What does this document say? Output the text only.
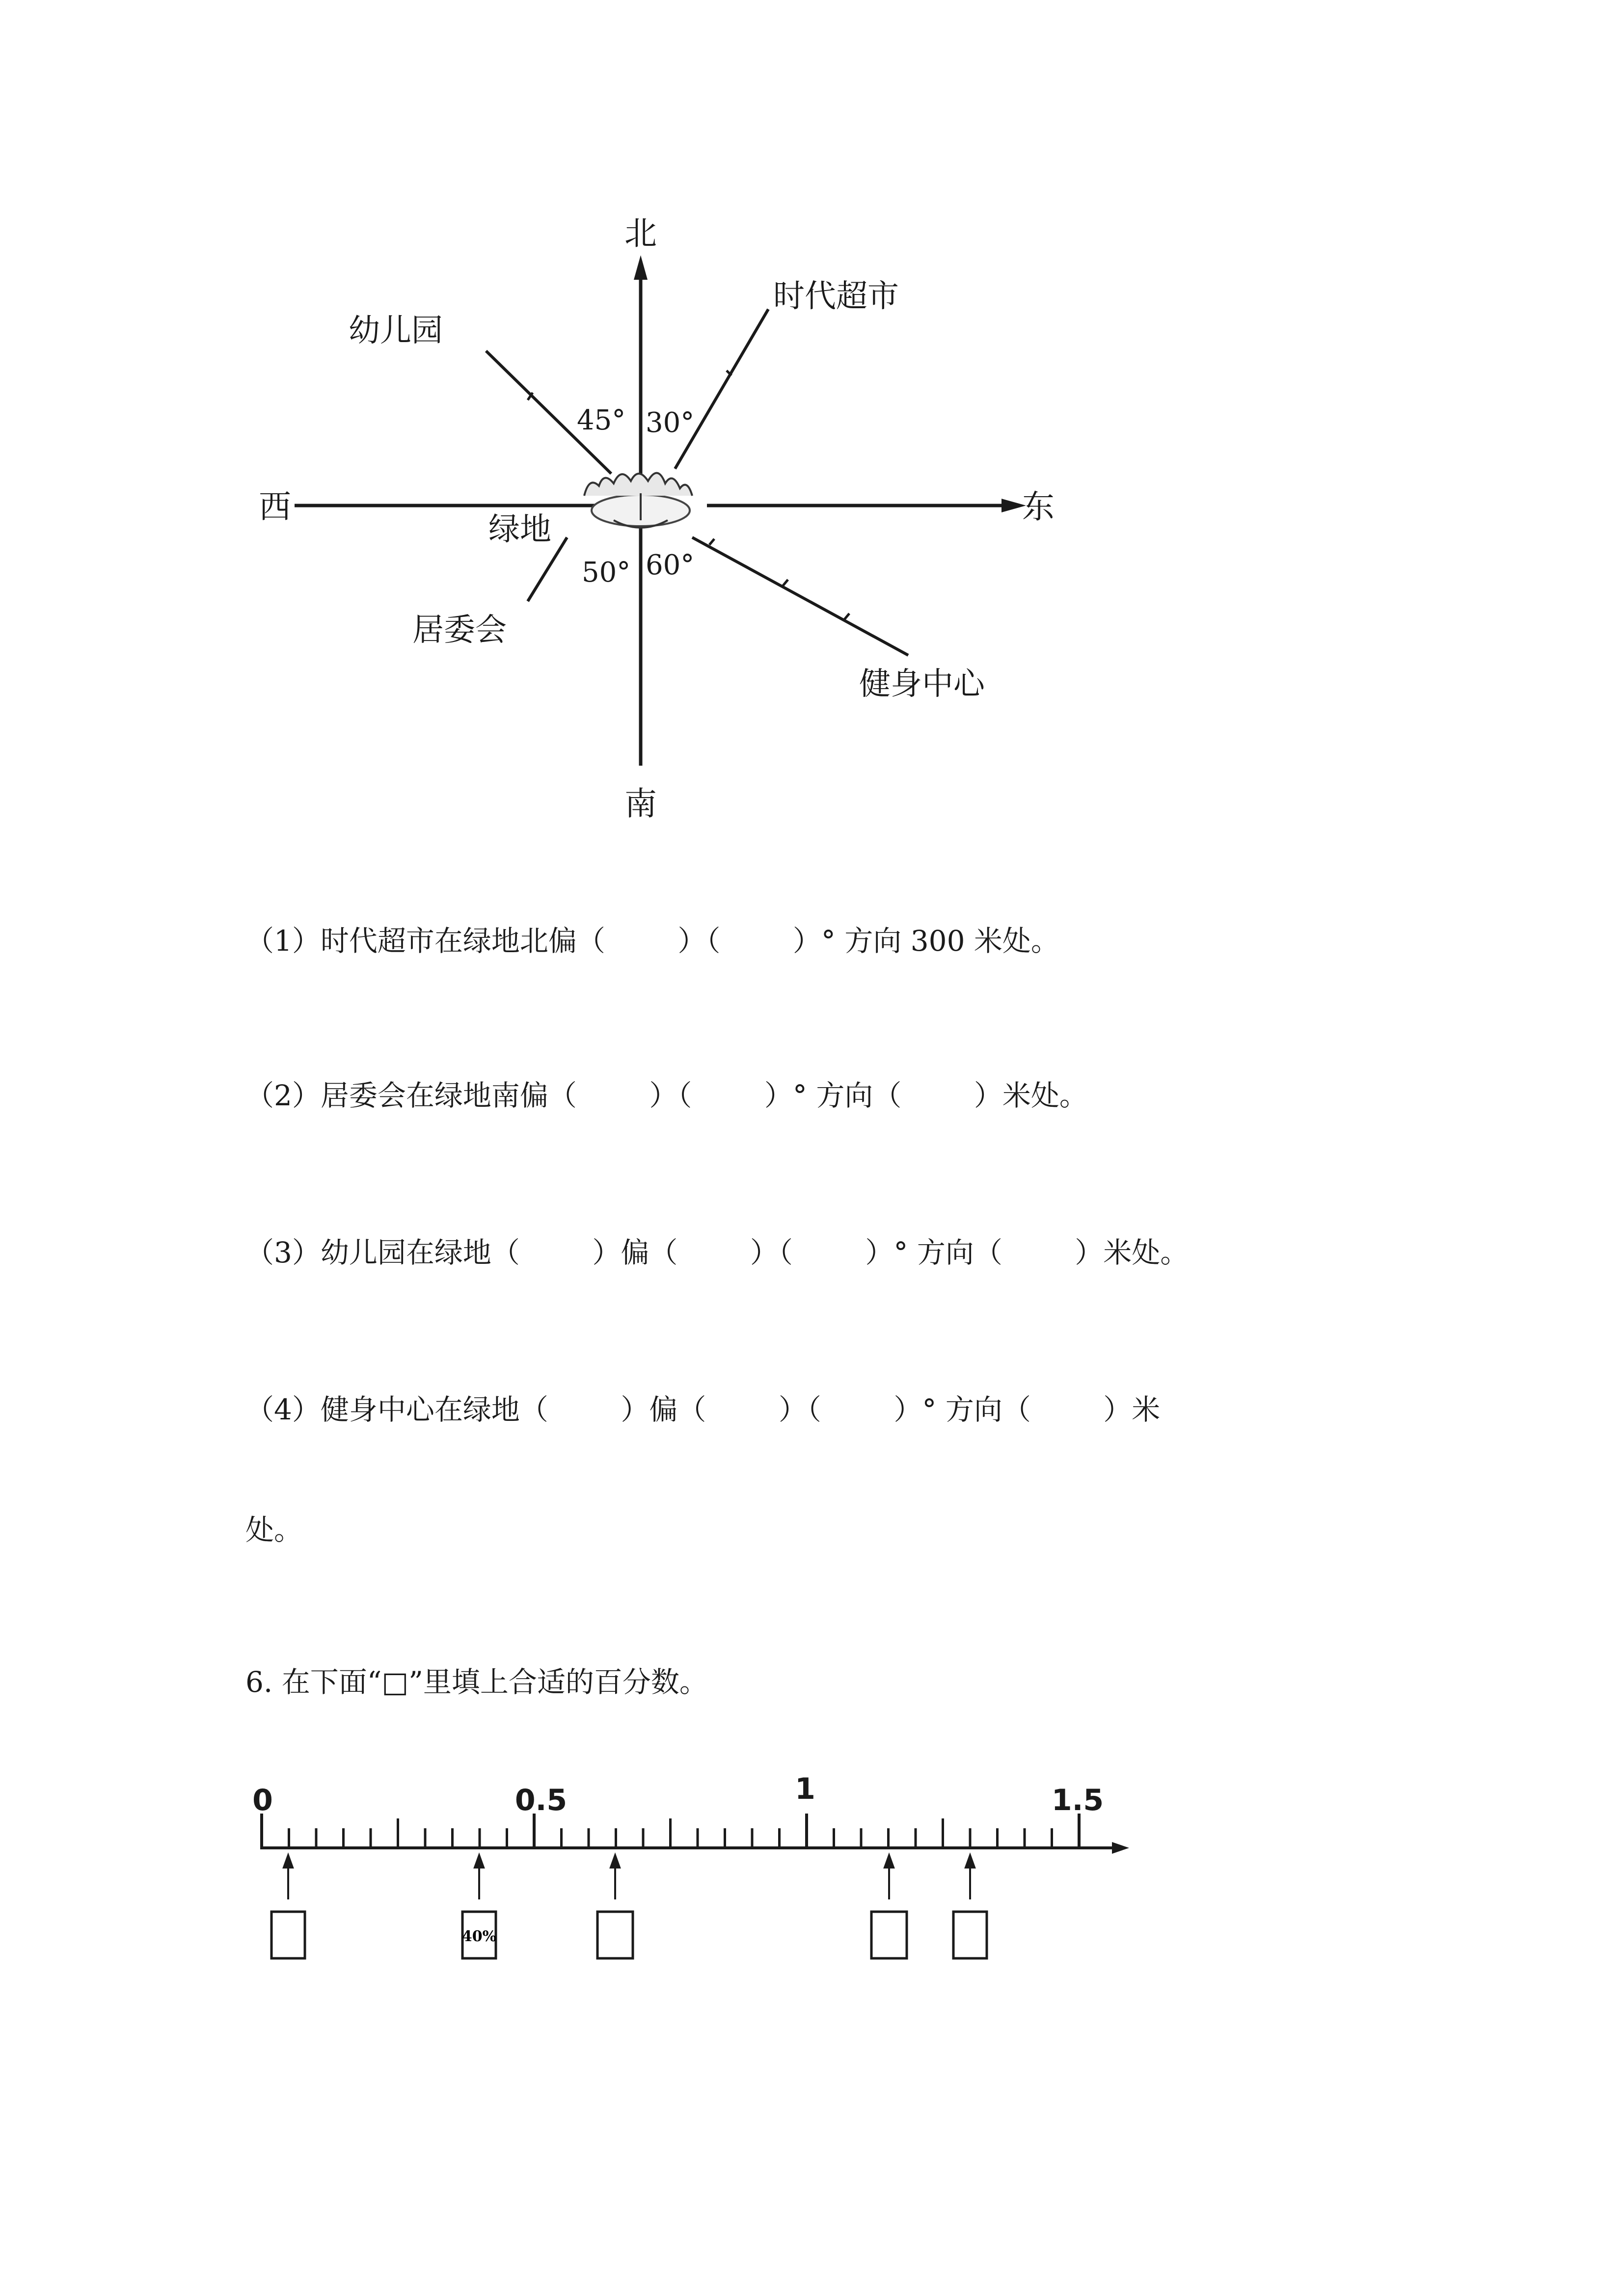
北
南
西	东
时代超市
幼儿园
居委会
健身中心
绿地
45° 30°
50° 60°
0	0.5	1	1.5
40%
（1）时代超市在绿地北偏（        ）（        ）° 方向 300 米处。
（2）居委会在绿地南偏（        ）（        ）° 方向（        ）米处。
（3）幼儿园在绿地（        ）偏（        ）（        ）° 方向（        ）米处。
（4）健身中心在绿地（        ）偏（        ）（        ）° 方向（        ）米
处。
6. 在下面“□”里填上合适的百分数。
